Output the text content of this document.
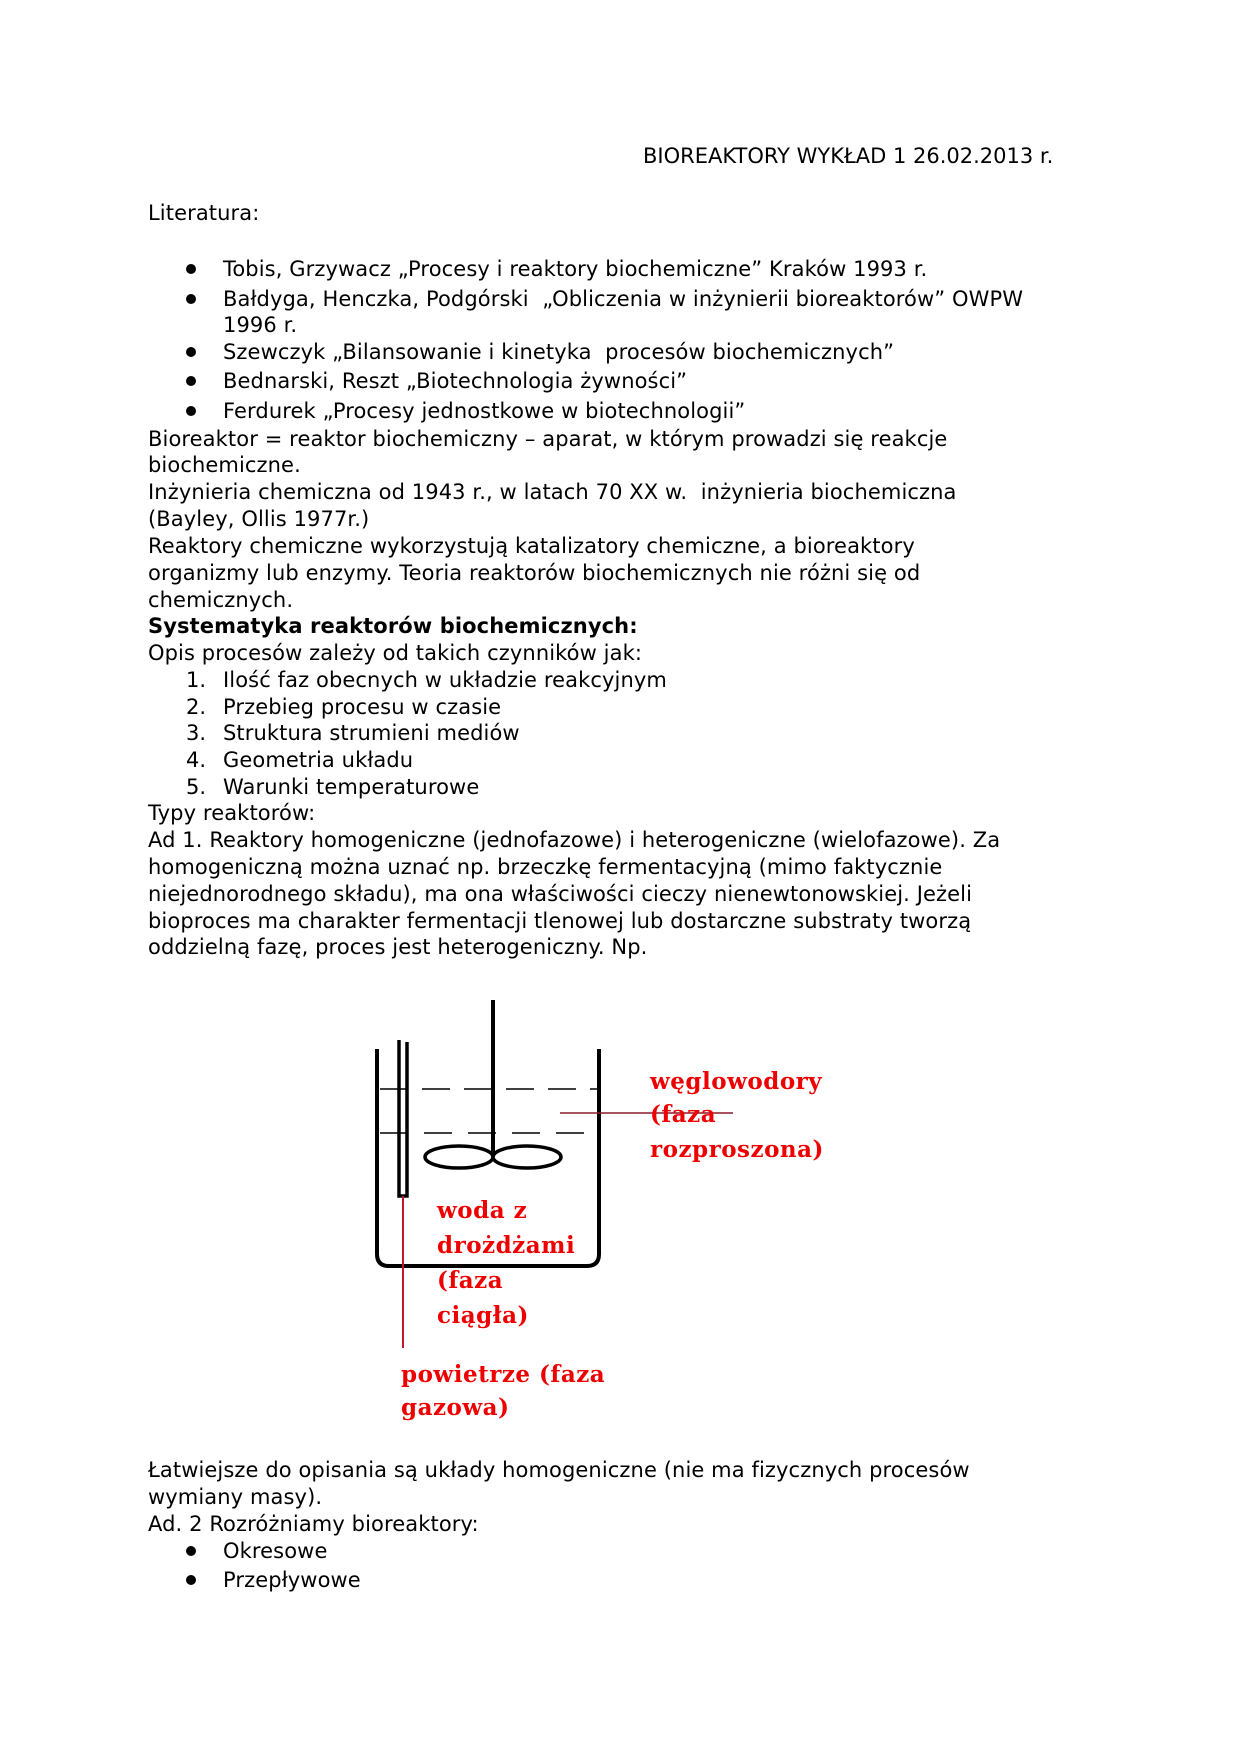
BIOREAKTORY WYKŁAD 1 26.02.2013 r.
Literatura:
Tobis, Grzywacz „Procesy i reaktory biochemiczne” Kraków 1993 r.
Bałdyga, Henczka, Podgórski  „Obliczenia w inżynierii bioreaktorów” OWPW
1996 r.
Szewczyk „Bilansowanie i kinetyka  procesów biochemicznych”
Bednarski, Reszt „Biotechnologia żywności”
Ferdurek „Procesy jednostkowe w biotechnologii”
Bioreaktor = reaktor biochemiczny – aparat, w którym prowadzi się reakcje
biochemiczne.
Inżynieria chemiczna od 1943 r., w latach 70 XX w.  inżynieria biochemiczna
(Bayley, Ollis 1977r.)
Reaktory chemiczne wykorzystują katalizatory chemiczne, a bioreaktory
organizmy lub enzymy. Teoria reaktorów biochemicznych nie różni się od
chemicznych.
Systematyka reaktorów biochemicznych:
Opis procesów zależy od takich czynników jak:
1. Ilość faz obecnych w układzie reakcyjnym
2. Przebieg procesu w czasie
3. Struktura strumieni mediów
4. Geometria układu
5. Warunki temperaturowe
Typy reaktorów:
Ad 1. Reaktory homogeniczne (jednofazowe) i heterogeniczne (wielofazowe). Za
homogeniczną można uznać np. brzeczkę fermentacyjną (mimo faktycznie
niejednorodnego składu), ma ona właściwości cieczy nienewtonowskiej. Jeżeli
bioproces ma charakter fermentacji tlenowej lub dostarczne substraty tworzą
oddzielną fazę, proces jest heterogeniczny. Np.
węglowodory
(faza
rozproszona)
woda z
drożdżami
(faza
ciągła)
powietrze (faza
gazowa)
Łatwiejsze do opisania są układy homogeniczne (nie ma fizycznych procesów
wymiany masy).
Ad. 2 Rozróżniamy bioreaktory:
Okresowe
Przepływowe
